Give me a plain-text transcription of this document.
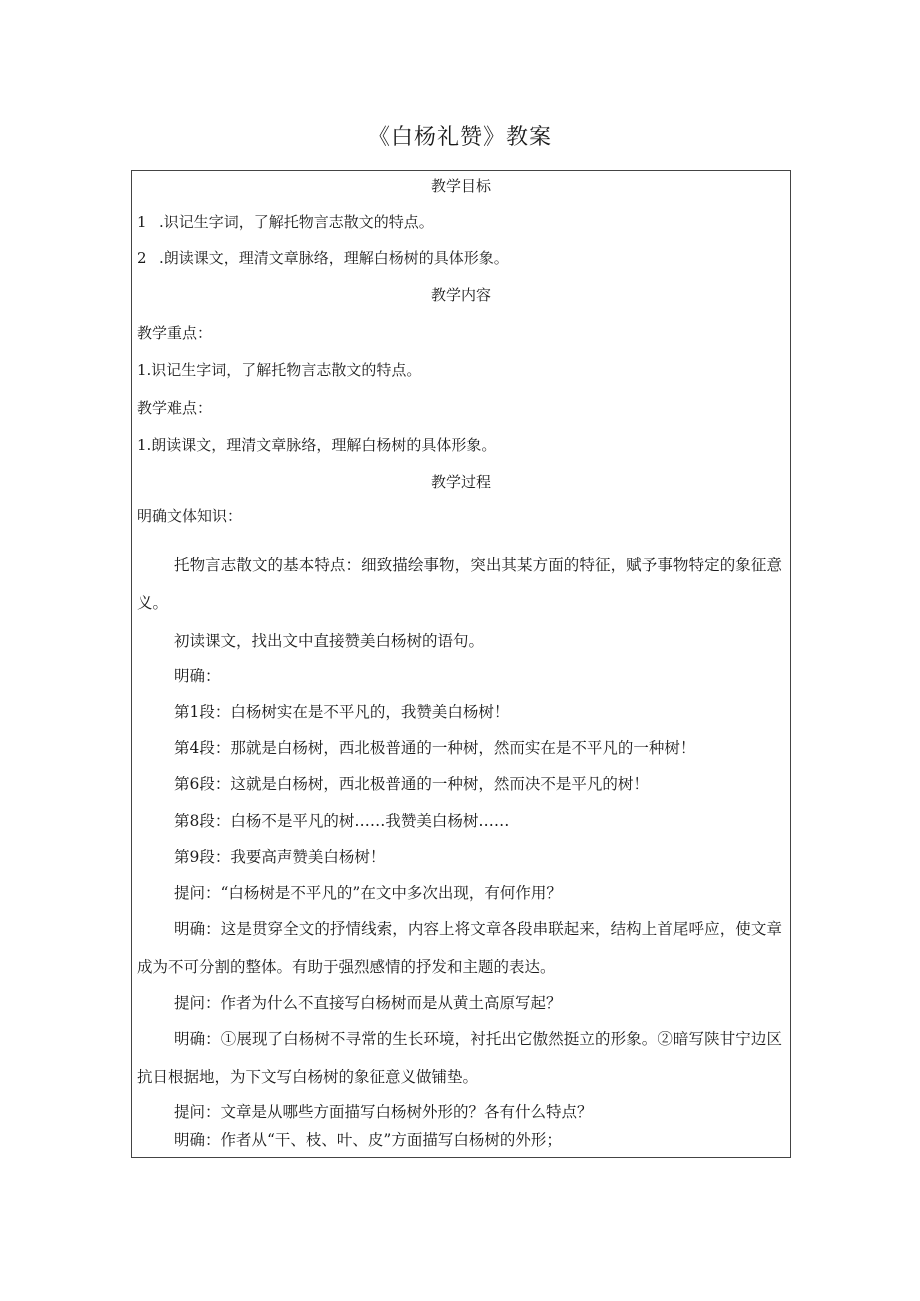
《白杨礼赞》教案
教学目标
1 .识记生字词，了解托物言志散文的特点。
2 .朗读课文，理清文章脉络，理解白杨树的具体形象。
教学内容
教学重点：
1.识记生字词，了解托物言志散文的特点。
教学难点：
1.朗读课文，理清文章脉络，理解白杨树的具体形象。
教学过程
明确文体知识：
托物言志散文的基本特点：细致描绘事物，突出其某方面的特征，赋予事物特定的象征意义。
初读课文，找出文中直接赞美白杨树的语句。
明确：
第1段：白杨树实在是不平凡的，我赞美白杨树！
第4段：那就是白杨树，西北极普通的一种树，然而实在是不平凡的一种树！
第6段：这就是白杨树，西北极普通的一种树，然而决不是平凡的树！
第8段：白杨不是平凡的树……我赞美白杨树……
第9段：我要高声赞美白杨树！
提问：“白杨树是不平凡的”在文中多次出现，有何作用？
明确：这是贯穿全文的抒情线索，内容上将文章各段串联起来，结构上首尾呼应，使文章成为不可分割的整体。有助于强烈感情的抒发和主题的表达。
提问：作者为什么不直接写白杨树而是从黄土高原写起？
明确：①展现了白杨树不寻常的生长环境，衬托出它傲然挺立的形象。②暗写陕甘宁边区抗日根据地，为下文写白杨树的象征意义做铺垫。
提问：文章是从哪些方面描写白杨树外形的？各有什么特点？
明确：作者从“干、枝、叶、皮”方面描写白杨树的外形；
